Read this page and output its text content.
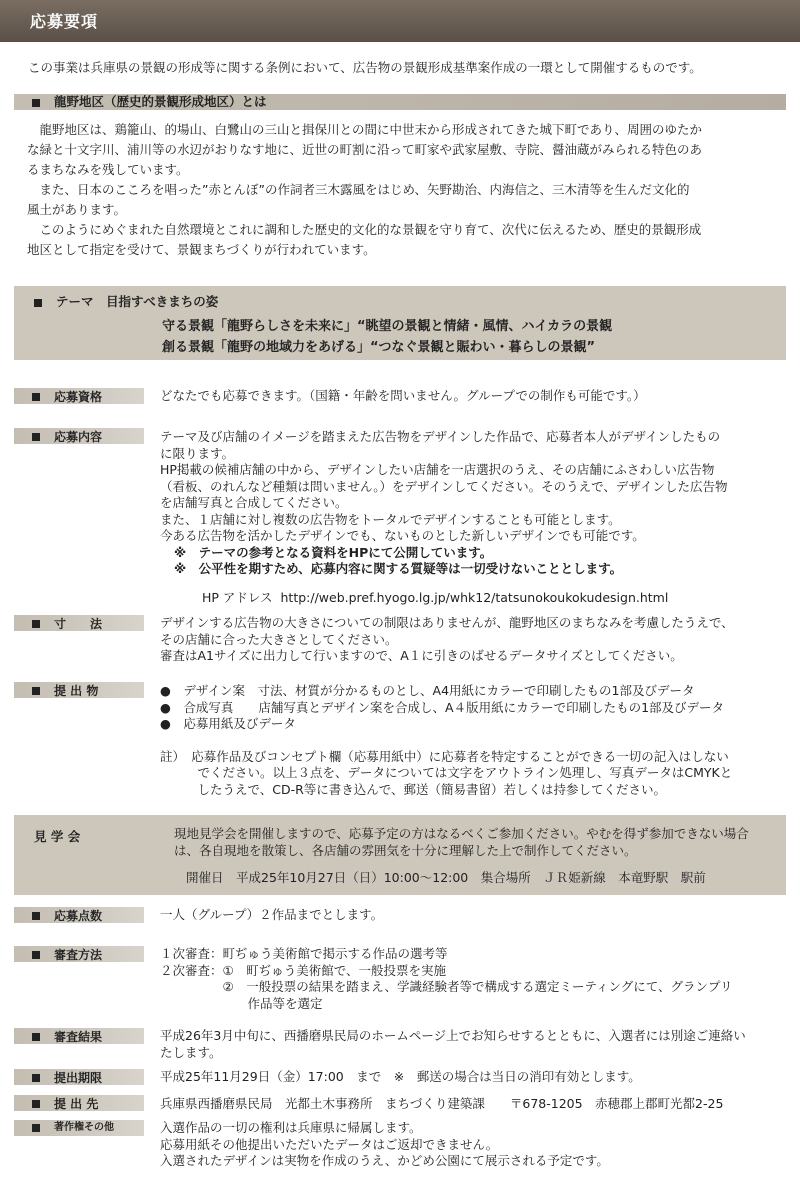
応募要項
この事業は兵庫県の景観の形成等に関する条例において、広告物の景観形成基準案作成の一環として開催するものです。
龍野地区（歴史的景観形成地区）とは

　龍野地区は、鶏籠山、的場山、白鷺山の三山と揖保川との間に中世末から形成されてきた城下町であり、周囲のゆたか

な緑と十文字川、浦川等の水辺がおりなす地に、近世の町割に沿って町家や武家屋敷、寺院、醤油蔵がみられる特色のあ

るまちなみを残しています。

　また、日本のこころを唱った”赤とんぼ”の作詞者三木露風をはじめ、矢野勘治、内海信之、三木清等を生んだ文化的

風土があります。

　このようにめぐまれた自然環境とこれに調和した歴史的文化的な景観を守り育て、次代に伝えるため、歴史的景観形成

地区として指定を受けて、景観まちづくりが行われています。

テーマ　目指すべきまちの姿
守る景観「龍野らしさを未来に」“眺望の景観と情緒・風情、ハイカラの景観
創る景観「龍野の地域力をあげる」“つなぐ景観と賑わい・暮らしの景観”
応募資格	どなたでも応募できます。（国籍・年齢を問いません。グループでの制作も可能です。）

応募内容	テーマ及び店舗のイメージを踏まえた広告物をデザインした作品で、応募者本人がデザインしたもの

に限ります。

HP掲載の候補店舗の中から、デザインしたい店舗を一店選択のうえ、その店舗にふさわしい広告物

（看板、のれんなど種類は問いません。）をデザインしてください。そのうえで、デザインした広告物

を店舗写真と合成してください。

また、１店舗に対し複数の広告物をトータルでデザインすることも可能とします。

今ある広告物を活かしたデザインでも、ないものとした新しいデザインでも可能です。

※　テーマの参考となる資料をHPにて公開しています。

※　公平性を期すため、応募内容に関する質疑等は一切受けないこととします。

HP アドレス http://web.pref.hyogo.lg.jp/whk12/tatsunokoukokudesign.html

寸　　法	デザインする広告物の大きさについての制限はありませんが、龍野地区のまちなみを考慮したうえで、

その店舗に合った大きさとしてください。

審査はA1サイズに出力して行いますので、A１に引きのばせるデータサイズとしてください。

提 出 物	●　デザイン案　寸法、材質が分かるものとし、A4用紙にカラーで印刷したもの1部及びデータ

●　合成写真　　店舗写真とデザイン案を合成し、A４版用紙にカラーで印刷したもの1部及びデータ

●　応募用紙及びデータ

註）　応募作品及びコンセプト欄（応募用紙中）に応募者を特定することができる一切の記入はしない

　　　でください。以上３点を、データについては文字をアウトライン処理し、写真データはCMYKと

　　　したうえで、CD-R等に書き込んで、郵送（簡易書留）若しくは持参してください。

見 学 会	現地見学会を開催しますので、応募予定の方はなるべくご参加ください。やむを得ず参加できない場合

は、各自現地を散策し、各店舗の雰囲気を十分に理解した上で制作してください。

開催日　平成25年10月27日（日）10:00〜12:00　集合場所　ＪＲ姫新線　本竜野駅　駅前

応募点数	一人（グループ）２作品までとします。

審査方法	１次審査：町ぢゅう美術館で掲示する作品の選考等

２次審査：①　町ぢゅう美術館で、一般投票を実施

　　　　　②　一般投票の結果を踏まえ、学識経験者等で構成する選定ミーティングにて、グランプリ

　　　　　　　作品等を選定

審査結果	平成26年3月中旬に、西播磨県民局のホームページ上でお知らせするとともに、入選者には別途ご連絡い

たします。

提出期限	平成25年11月29日（金）17:00　まで　※　郵送の場合は当日の消印有効とします。

提 出 先	兵庫県西播磨県民局　光都土木事務所　まちづくり建築課　　〒678-1205　赤穂郡上郡町光都2-25

著作権その他	入選作品の一切の権利は兵庫県に帰属します。

応募用紙その他提出いただいたデータはご返却できません。

入選されたデザインは実物を作成のうえ、かどめ公園にて展示される予定です。
